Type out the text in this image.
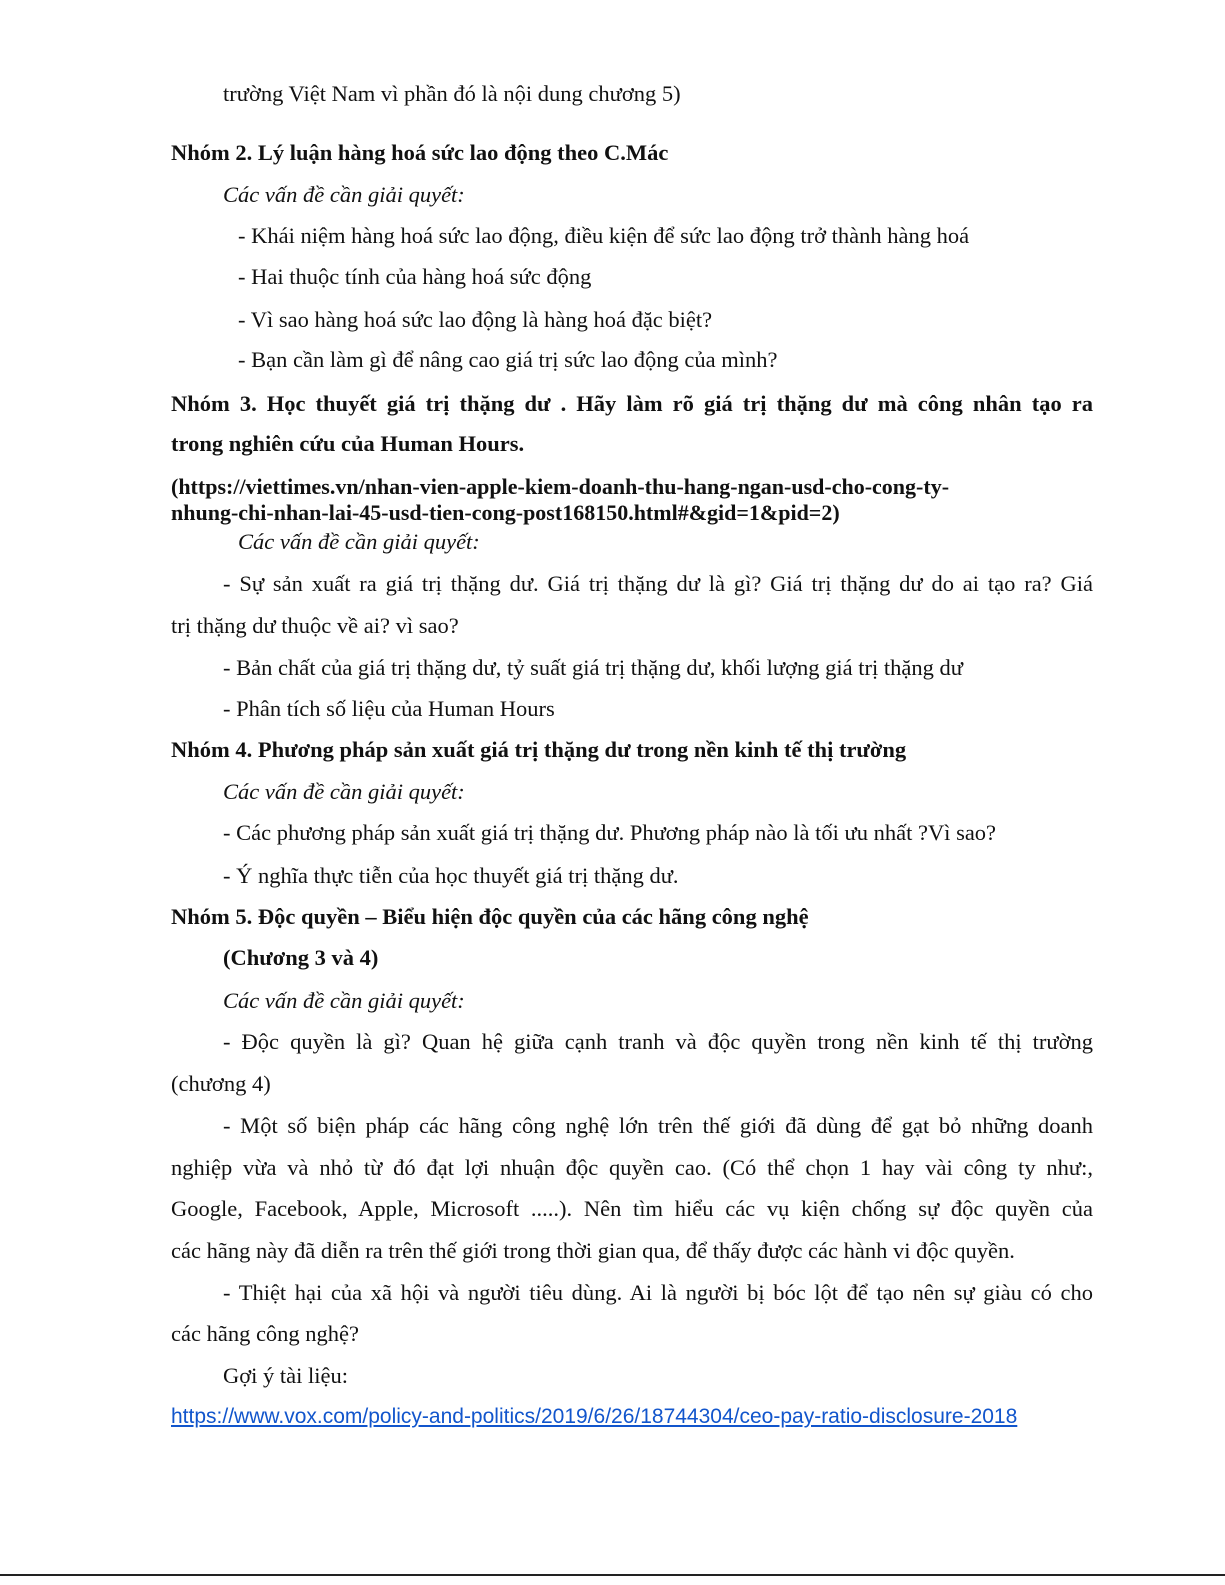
trường Việt Nam vì phần đó là nội dung chương 5)
Nhóm 2. Lý luận hàng hoá sức lao động theo C.Mác
Các vấn đề cần giải quyết:
- Khái niệm hàng hoá sức lao động, điều kiện để sức lao động trở thành hàng hoá
- Hai thuộc tính của hàng hoá sức động
- Vì sao hàng hoá sức lao động là hàng hoá đặc biệt?
- Bạn cần làm gì để nâng cao giá trị sức lao động của mình?
Nhóm 3. Học thuyết giá trị thặng dư . Hãy làm rõ giá trị thặng dư mà công nhân tạo ra
trong nghiên cứu của Human Hours.
(https://viettimes.vn/nhan-vien-apple-kiem-doanh-thu-hang-ngan-usd-cho-cong-ty-
nhung-chi-nhan-lai-45-usd-tien-cong-post168150.html#&gid=1&pid=2)
Các vấn đề cần giải quyết:
- Sự sản xuất ra giá trị thặng dư. Giá trị thặng dư là gì? Giá trị thặng dư do ai tạo ra? Giá
trị thặng dư thuộc về ai? vì sao?
- Bản chất của giá trị thặng dư, tỷ suất giá trị thặng dư, khối lượng giá trị thặng dư
- Phân tích số liệu của Human Hours
Nhóm 4. Phương pháp sản xuất giá trị thặng dư trong nền kinh tế thị trường
Các vấn đề cần giải quyết:
- Các phương pháp sản xuất giá trị thặng dư. Phương pháp nào là tối ưu nhất ?Vì sao?
- Ý nghĩa thực tiễn của học thuyết giá trị thặng dư.
Nhóm 5. Độc quyền – Biểu hiện độc quyền của các hãng công nghệ
(Chương 3 và 4)
Các vấn đề cần giải quyết:
- Độc quyền là gì? Quan hệ giữa cạnh tranh và độc quyền trong nền kinh tế thị trường
(chương 4)
- Một số biện pháp các hãng công nghệ lớn trên thế giới đã dùng để gạt bỏ những doanh
nghiệp vừa và nhỏ từ đó đạt lợi nhuận độc quyền cao. (Có thể chọn 1 hay vài công ty như:,
Google, Facebook, Apple, Microsoft .....). Nên tìm hiểu các vụ kiện chống sự độc quyền của
các hãng này đã diễn ra trên thế giới trong thời gian qua, để thấy được các hành vi độc quyền.
- Thiệt hại của xã hội và người tiêu dùng. Ai là người bị bóc lột để tạo nên sự giàu có cho
các hãng công nghệ?
Gợi ý tài liệu:
https://www.vox.com/policy-and-politics/2019/6/26/18744304/ceo-pay-ratio-disclosure-2018
